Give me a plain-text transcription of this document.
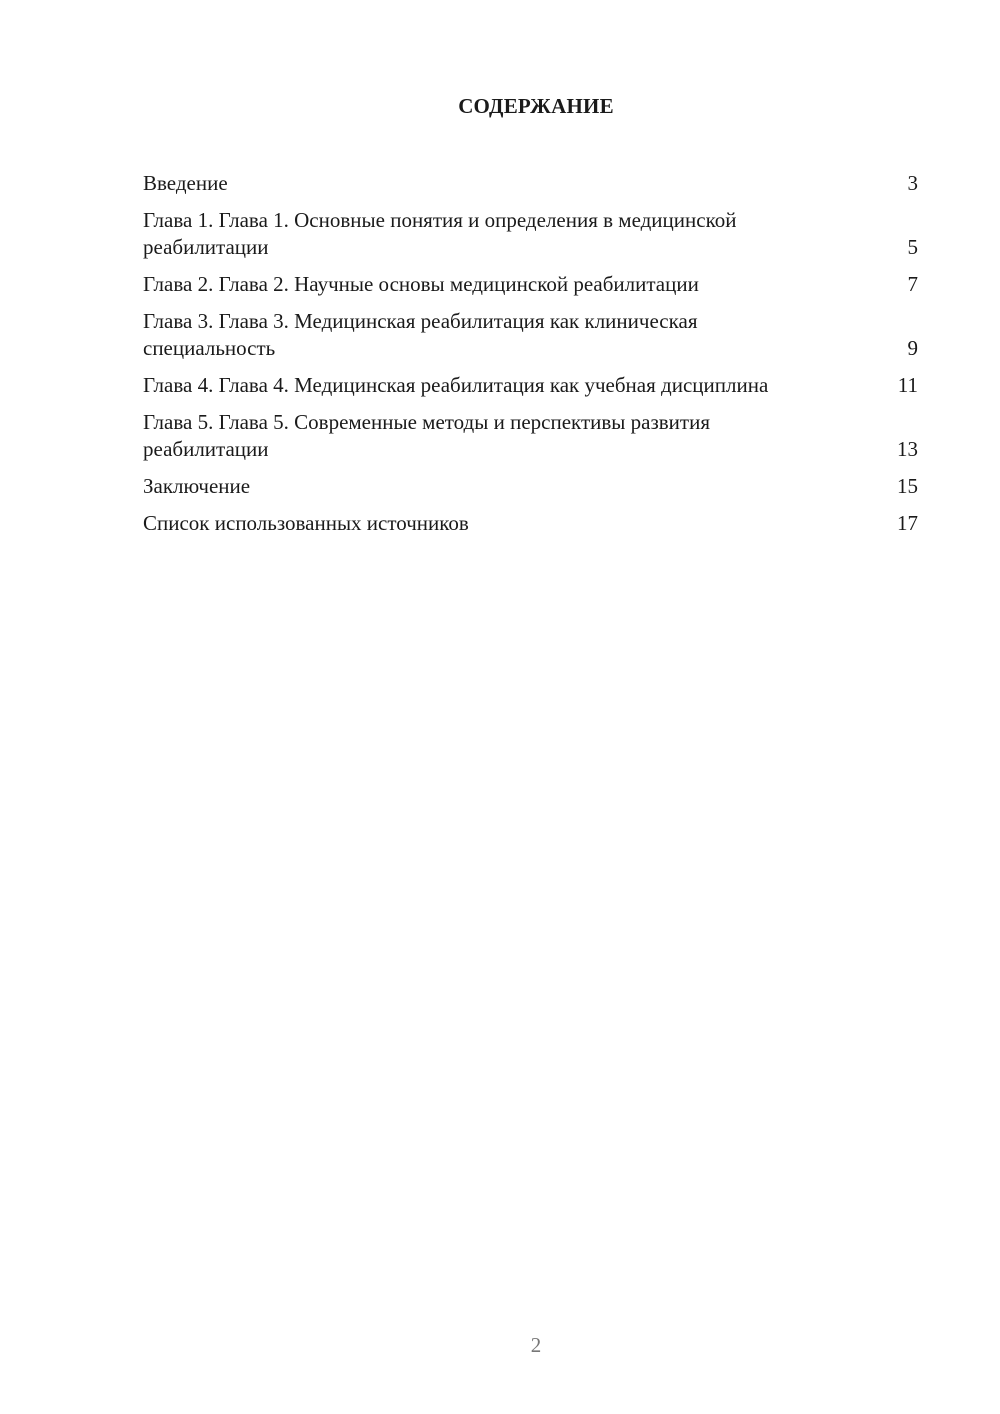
СОДЕРЖАНИЕ
Введение	3
Глава 1. Глава 1. Основные понятия и определения в медицинской реабилитации	5
Глава 2. Глава 2. Научные основы медицинской реабилитации	7
Глава 3. Глава 3. Медицинская реабилитация как клиническая специальность	9
Глава 4. Глава 4. Медицинская реабилитация как учебная дисциплина	11
Глава 5. Глава 5. Современные методы и перспективы развития реабилитации	13
Заключение	15
Список использованных источников	17
2
